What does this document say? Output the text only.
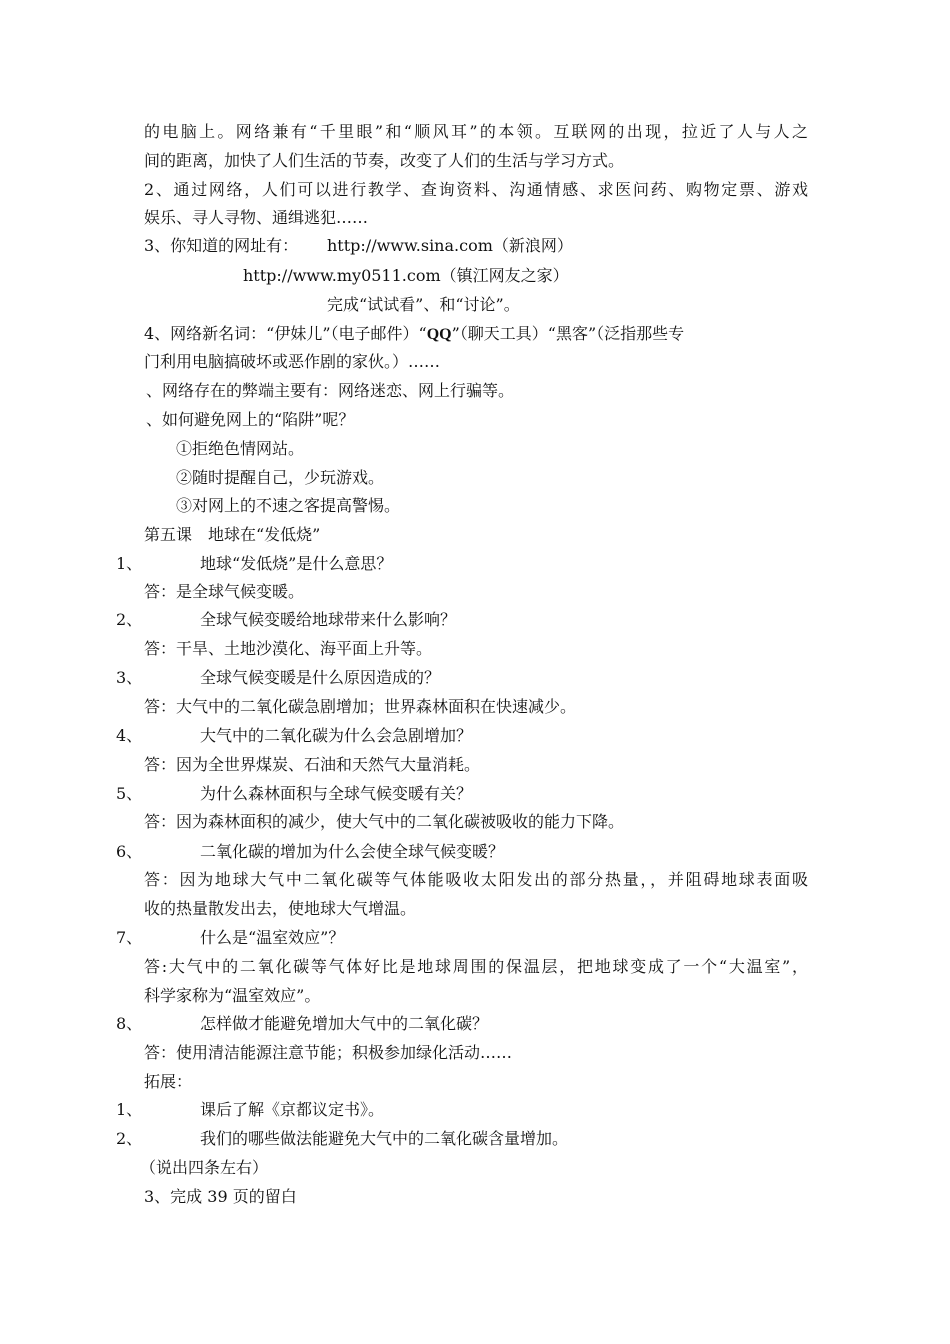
的电脑上。网络兼有“千里眼”和“顺风耳”的本领。互联网的出现，拉近了人与人之
间的距离，加快了人们生活的节奏，改变了人们的生活与学习方式。
2、通过网络，人们可以进行教学、查询资料、沟通情感、求医问药、购物定票、游戏
娱乐、寻人寻物、通缉逃犯……
3、你知道的网址有： http://www.sina.com（新浪网）
http://www.my0511.com（镇江网友之家）
完成“试试看”、和“讨论”。
4、网络新名词：“伊妹儿”（电子邮件）“QQ”（聊天工具）“黑客”（泛指那些专
门利用电脑搞破坏或恶作剧的家伙。）……
、网络存在的弊端主要有：网络迷恋、网上行骗等。
、如何避免网上的“陷阱”呢？
①拒绝色情网站。
②随时提醒自己，少玩游戏。
③对网上的不速之客提高警惕。
第五课　地球在“发低烧”
1、	地球“发低烧”是什么意思？
答：是全球气候变暖。
2、	全球气候变暖给地球带来什么影响？
答：干旱、土地沙漠化、海平面上升等。
3、	全球气候变暖是什么原因造成的？
答：大气中的二氧化碳急剧增加；世界森林面积在快速减少。
4、	大气中的二氧化碳为什么会急剧增加？
答：因为全世界煤炭、石油和天然气大量消耗。
5、	为什么森林面积与全球气候变暖有关？
答：因为森林面积的减少，使大气中的二氧化碳被吸收的能力下降。
6、	二氧化碳的增加为什么会使全球气候变暖？
答：因为地球大气中二氧化碳等气体能吸收太阳发出的部分热量，，并阻碍地球表面吸
收的热量散发出去，使地球大气增温。
7、	什么是“温室效应”？
答:大气中的二氧化碳等气体好比是地球周围的保温层，把地球变成了一个“大温室”，
科学家称为“温室效应”。
8、	怎样做才能避免增加大气中的二氧化碳？
答：使用清洁能源注意节能；积极参加绿化活动……
拓展：
1、	课后了解《京都议定书》。
2、	我们的哪些做法能避免大气中的二氧化碳含量增加。
（说出四条左右）
3、完成 39 页的留白
